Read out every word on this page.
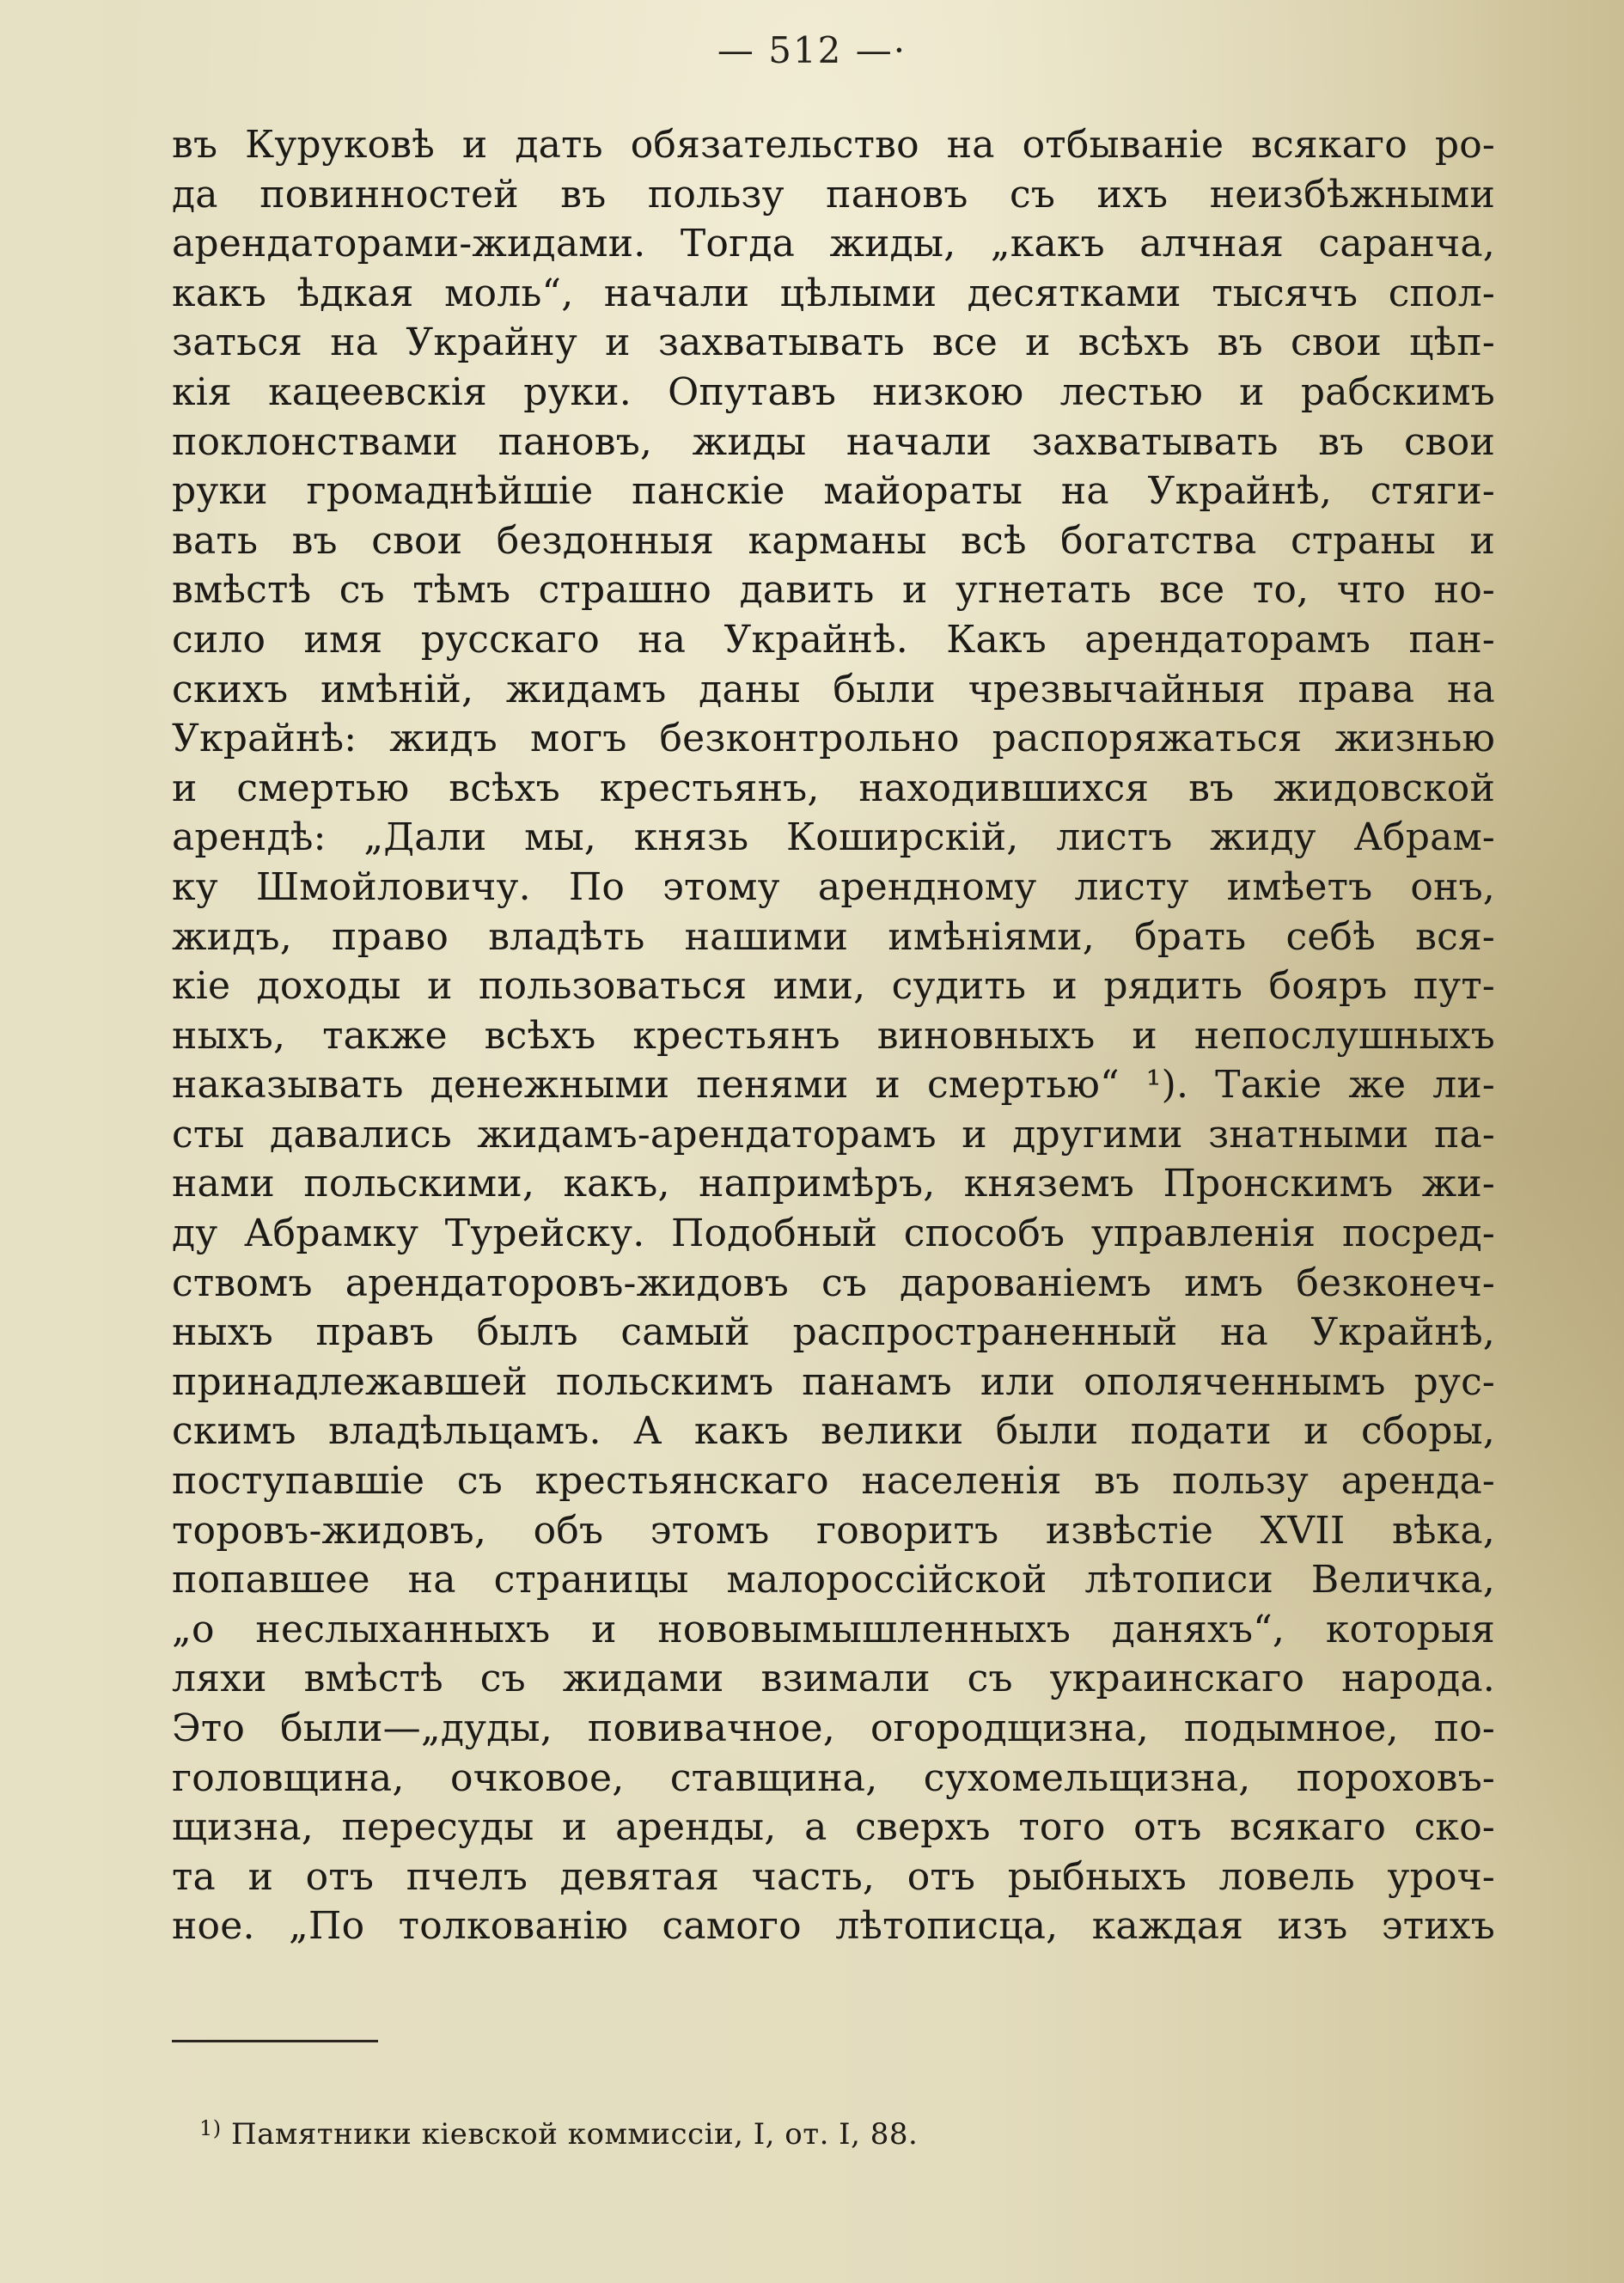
— 512 —·

въ Куруковѣ и дать обязательство на отбываніе всякаго ро-
да повинностей въ пользу пановъ съ ихъ неизбѣжными
арендаторами-жидами. Тогда жиды, „какъ алчная саранча,
какъ ѣдкая моль“, начали цѣлыми десятками тысячъ спол-
заться на Украйну и захватывать все и всѣхъ въ свои цѣп-
кія кацеевскія руки. Опутавъ низкою лестью и рабскимъ
поклонствами пановъ, жиды начали захватывать въ свои
руки громаднѣйшіе панскіе майораты на Украйнѣ, стяги-
вать въ свои бездонныя карманы всѣ богатства страны и
вмѣстѣ съ тѣмъ страшно давить и угнетать все то, что но-
сило имя русскаго на Украйнѣ. Какъ арендаторамъ пан-
скихъ имѣній, жидамъ даны были чрезвычайныя права на
Украйнѣ: жидъ могъ безконтрольно распоряжаться жизнью
и смертью всѣхъ крестьянъ, находившихся въ жидовской
арендѣ: „Дали мы, князь Коширскій, листъ жиду Абрам-
ку Шмойловичу. По этому арендному листу имѣетъ онъ,
жидъ, право владѣть нашими имѣніями, брать себѣ вся-
кіе доходы и пользоваться ими, судить и рядить бояръ пут-
ныхъ, также всѣхъ крестьянъ виновныхъ и непослушныхъ
наказывать денежными пенями и смертью“ ¹). Такіе же ли-
сты давались жидамъ-арендаторамъ и другими знатными па-
нами польскими, какъ, напримѣръ, княземъ Пронскимъ жи-
ду Абрамку Турейску. Подобный способъ управленія посред-
ствомъ арендаторовъ-жидовъ съ дарованіемъ имъ безконеч-
ныхъ правъ былъ самый распространенный на Украйнѣ,
принадлежавшей польскимъ панамъ или ополяченнымъ рус-
скимъ владѣльцамъ. А какъ велики были подати и сборы,
поступавшіе съ крестьянскаго населенія въ пользу аренда-
торовъ-жидовъ, объ этомъ говоритъ извѣстіе XVII вѣка,
попавшее на страницы малороссійской лѣтописи Величка,
„о неслыханныхъ и нововымышленныхъ даняхъ“, которыя
ляхи вмѣстѣ съ жидами взимали съ украинскаго народа.
Это были—„дуды, повивачное, огородщизна, подымное, по-
головщина, очковое, ставщина, сухомельщизна, пороховъ-
щизна, пересуды и аренды, а сверхъ того отъ всякаго ско-
та и отъ пчелъ девятая часть, отъ рыбныхъ ловель уроч-
ное. „По толкованію самого лѣтописца, каждая изъ этихъ

$^{1)}$ Памятники кіевской коммиссіи, I, от. I, 88.
